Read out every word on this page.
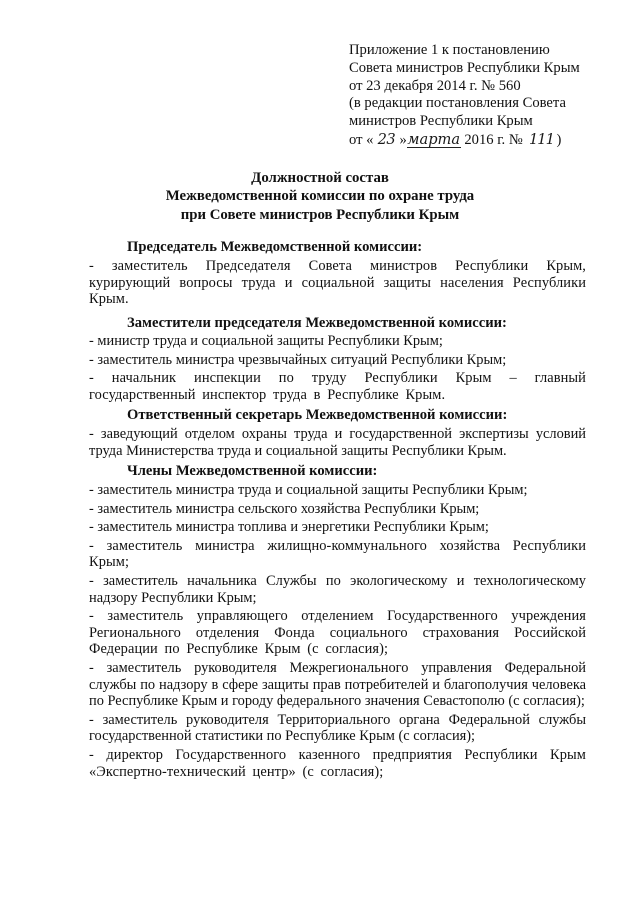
Приложение 1 к постановлению
Совета министров Республики Крым
от 23 декабря 2014 г. № 560
(в редакции постановления Совета
министров Республики Крым
от « 23 »марта 2016 г. № 111 )
Должностной состав
Межведомственной комиссии по охране труда
при Совете министров Республики Крым
Председатель Межведомственной комиссии:
- заместитель Председателя Совета министров Республики Крым, курирующий вопросы труда и социальной защиты населения Республики Крым.
Заместители председателя Межведомственной комиссии:
- министр труда и социальной защиты Республики Крым;
- заместитель министра чрезвычайных ситуаций Республики Крым;
- начальник инспекции по труду Республики Крым – главный государственный инспектор труда в Республике Крым.
Ответственный секретарь Межведомственной комиссии:
- заведующий отделом охраны труда и государственной экспертизы условий труда Министерства труда и социальной защиты Республики Крым.
Члены Межведомственной комиссии:
- заместитель министра труда и социальной защиты Республики Крым;
- заместитель министра сельского хозяйства Республики Крым;
- заместитель министра топлива и энергетики Республики Крым;
- заместитель министра жилищно-коммунального хозяйства Республики Крым;
- заместитель начальника Службы по экологическому и технологическому надзору Республики Крым;
- заместитель управляющего отделением Государственного учреждения Регионального отделения Фонда социального страхования Российской Федерации по Республике Крым (с согласия);
- заместитель руководителя Межрегионального управления Федеральной службы по надзору в сфере защиты прав потребителей и благополучия человека по Республике Крым и городу федерального значения Севастополю (с согласия);
- заместитель руководителя Территориального органа Федеральной службы государственной статистики по Республике Крым (с согласия);
- директор Государственного казенного предприятия Республики Крым «Экспертно-технический центр» (с согласия);
